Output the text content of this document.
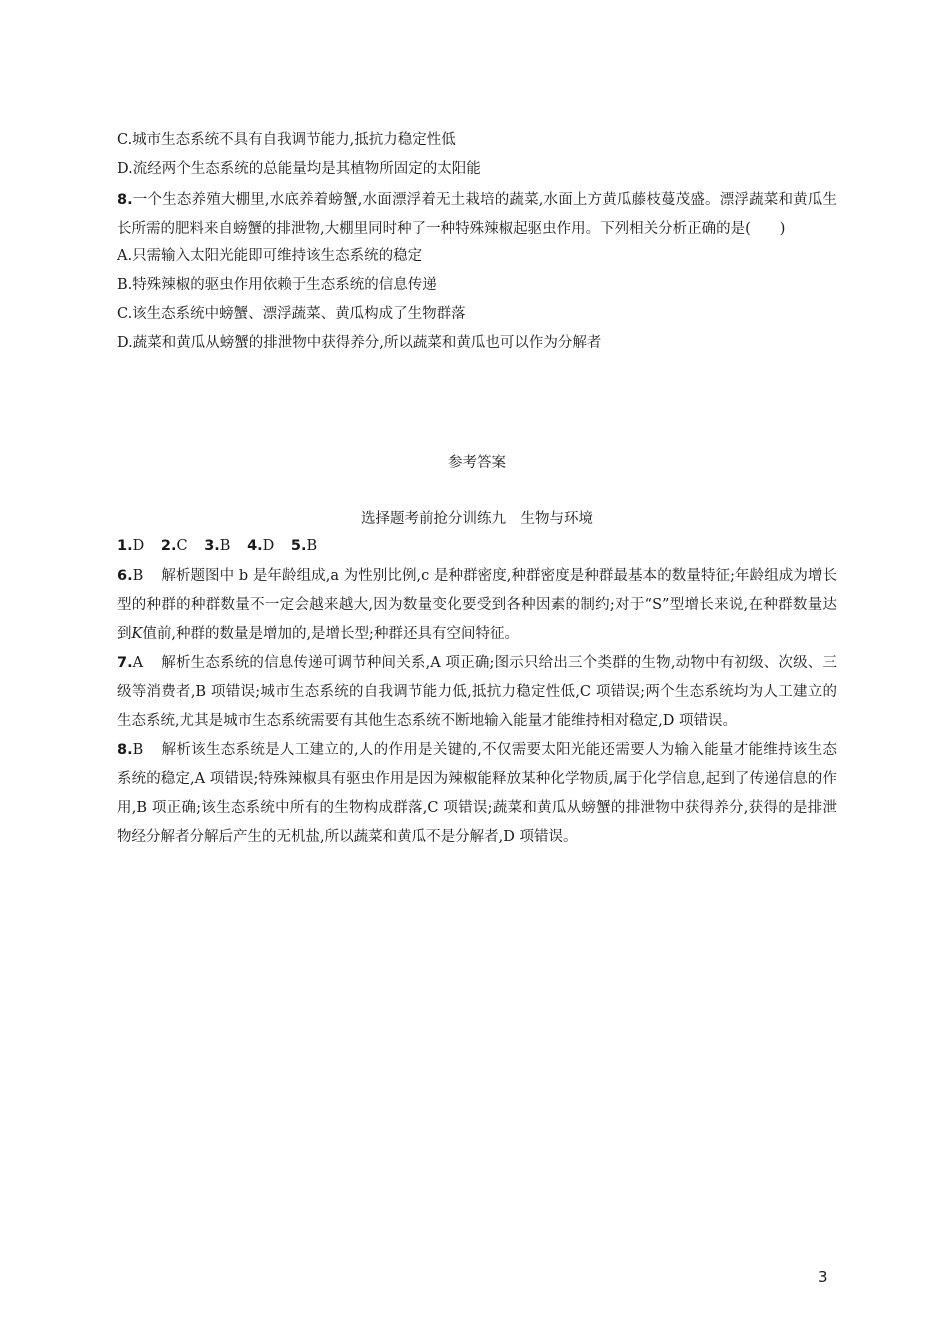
C.城市生态系统不具有自我调节能力,抵抗力稳定性低
D.流经两个生态系统的总能量均是其植物所固定的太阳能

8.一个生态养殖大棚里,水底养着螃蟹,水面漂浮着无土栽培的蔬菜,水面上方黄瓜藤枝蔓茂盛。漂浮蔬菜和黄瓜生长所需的肥料来自螃蟹的排泄物,大棚里同时种了一种特殊辣椒起驱虫作用。下列相关分析正确的是(　　)

A.只需输入太阳光能即可维持该生态系统的稳定
B.特殊辣椒的驱虫作用依赖于生态系统的信息传递
C.该生态系统中螃蟹、漂浮蔬菜、黄瓜构成了生物群落
D.蔬菜和黄瓜从螃蟹的排泄物中获得养分,所以蔬菜和黄瓜也可以作为分解者
参考答案
选择题考前抢分训练九　生物与环境
1.D 2.C 3.B 4.D 5.B

6.B 解析题图中 b 是年龄组成,a 为性别比例,c 是种群密度,种群密度是种群最基本的数量特征;年龄组成为增长型的种群的种群数量不一定会越来越大,因为数量变化要受到各种因素的制约;对于“S”型增长来说,在种群数量达到K值前,种群的数量是增加的,是增长型;种群还具有空间特征。

7.A 解析生态系统的信息传递可调节种间关系,A 项正确;图示只给出三个类群的生物,动物中有初级、次级、三级等消费者,B 项错误;城市生态系统的自我调节能力低,抵抗力稳定性低,C 项错误;两个生态系统均为人工建立的生态系统,尤其是城市生态系统需要有其他生态系统不断地输入能量才能维持相对稳定,D 项错误。

8.B 解析该生态系统是人工建立的,人的作用是关键的,不仅需要太阳光能还需要人为输入能量才能维持该生态系统的稳定,A 项错误;特殊辣椒具有驱虫作用是因为辣椒能释放某种化学物质,属于化学信息,起到了传递信息的作用,B 项正确;该生态系统中所有的生物构成群落,C 项错误;蔬菜和黄瓜从螃蟹的排泄物中获得养分,获得的是排泄物经分解者分解后产生的无机盐,所以蔬菜和黄瓜不是分解者,D 项错误。

3
